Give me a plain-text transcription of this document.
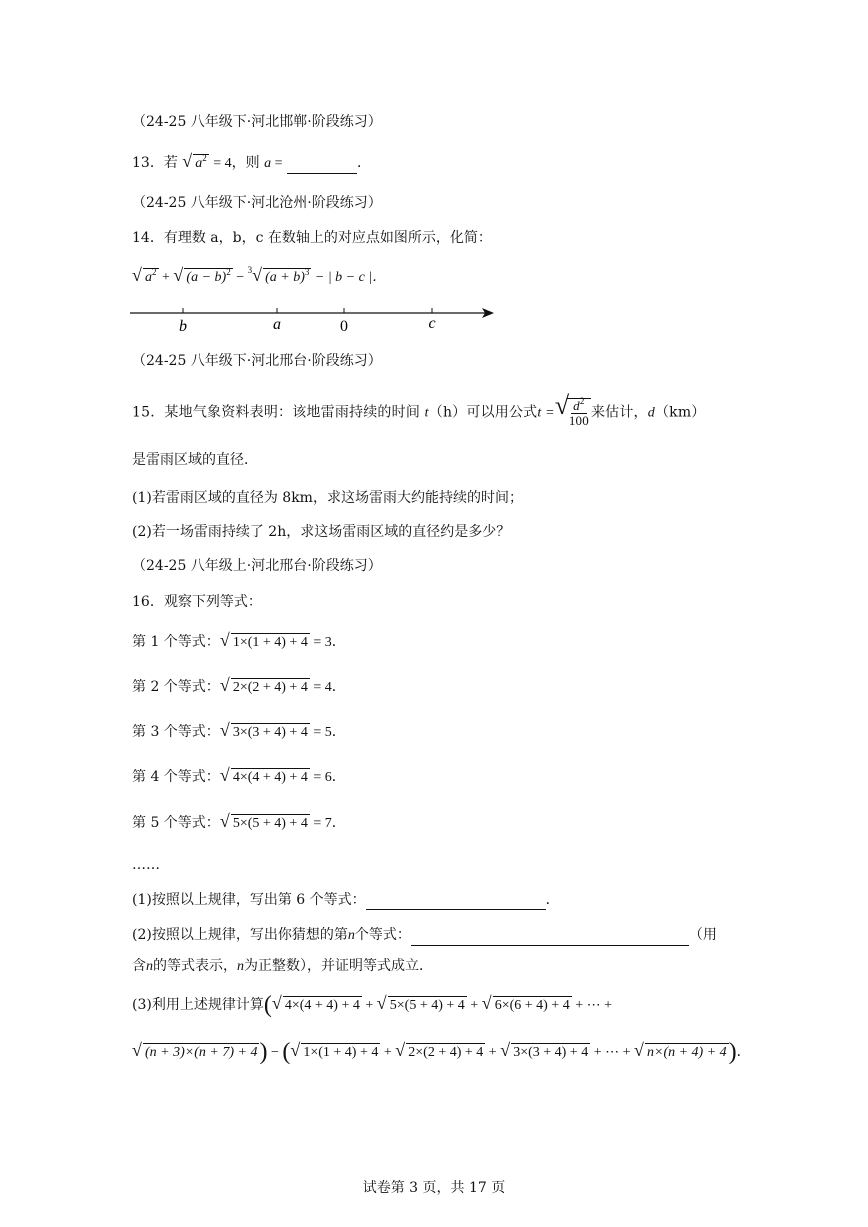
（24-25 八年级下·河北邯郸·阶段练习）
13．若 √ $a^2 = 4$，则 a =	．
（24-25 八年级下·河北沧州·阶段练习）
14．有理数 a，b，c 在数轴上的对应点如图所示，化简：
√ $a^2$ + √ $(a - b)^2 - ^3$ √ $(a + b)^3$ − | b − c |．
b	a	0	c
（24-25 八年级下·河北邢台·阶段练习）
15．某地气象资料表明：该地雷雨持续的时间 t（h）可以用公式t = √ $\frac{d^2}{100}$ 来估计，d（km）
是雷雨区域的直径．
(1)若雷雨区域的直径为 8km，求这场雷雨大约能持续的时间；
(2)若一场雷雨持续了 2h，求这场雷雨区域的直径约是多少？
（24-25 八年级上·河北邢台·阶段练习）
16．观察下列等式：
第 1 个等式： √ 1×(1 + 4) + 4 = 3．
第 2 个等式： √ 2×(2 + 4) + 4 = 4．
第 3 个等式： √ 3×(3 + 4) + 4 = 5．
第 4 个等式： √ 4×(4 + 4) + 4 = 6．
第 5 个等式： √ 5×(5 + 4) + 4 = 7．
……
(1)按照以上规律，写出第 6 个等式：	．
(2)按照以上规律，写出你猜想的第n个等式：	（用
含n的等式表示，n为正整数），并证明等式成立．
(3)利用上述规律计算( √ 4×(4 + 4) + 4 + √ 5×(5 + 4) + 4 + √ 6×(6 + 4) + 4 + ⋯ +
√ (n + 3)×(n + 7) + 4) − ( √ 1×(1 + 4) + 4 + √ 2×(2 + 4) + 4 + √ 3×(3 + 4) + 4 + ⋯ + √ n×(n + 4) + 4)．
试卷第 3 页，共 17 页
